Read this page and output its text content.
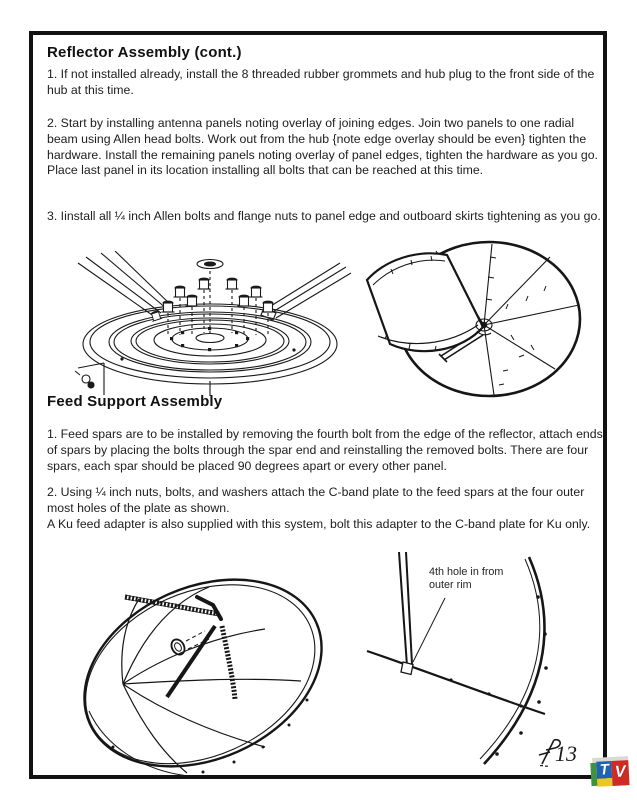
Reflector Assembly (cont.)
1. If not installed already, install the 8 threaded rubber grommets and hub plug to the front side of the hub at this time.
2. Start by installing antenna panels noting overlay of joining edges. Join two panels to one radial beam using Allen head bolts. Work out from the hub {note edge overlay should be even} tighten the hardware. Install the remaining panels noting overlay of panel edges, tighten the hardware as you go. Place last panel in its location installing all bolts that can be reached at this time.
3. Iinstall all ¼ inch Allen bolts and flange nuts to panel edge and outboard skirts tightening as you go.
Feed Support Assembly
1. Feed spars are to be installed by removing the fourth bolt from the edge of the reflector, attach ends of spars by placing the bolts through the spar end and reinstalling the removed bolts. There are four spars, each spar should be placed 90 degrees apart or every other panel.
2. Using ¼ inch nuts, bolts, and washers attach the C-band plate to the feed spars at the four outer most holes of the plate as shown.
A Ku feed adapter is also supplied with this system, bolt this adapter to the C-band plate for Ku only.
4th hole in from outer rim
13
T V
